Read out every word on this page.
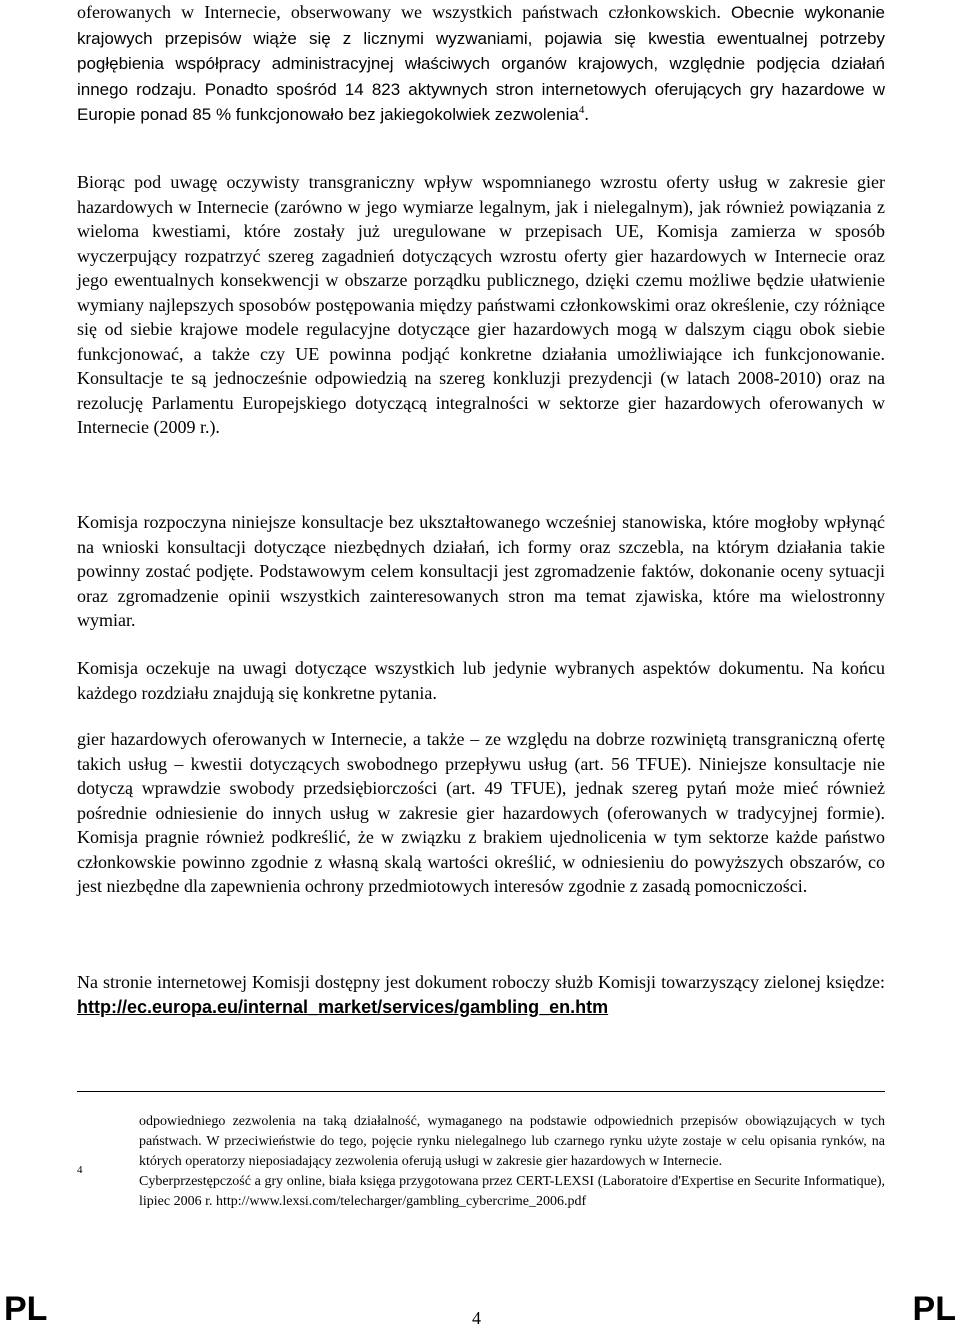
oferowanych w Internecie, obserwowany we wszystkich państwach członkowskich. Obecnie wykonanie krajowych przepisów wiąże się z licznymi wyzwaniami, pojawia się kwestia ewentualnej potrzeby pogłębienia współpracy administracyjnej właściwych organów krajowych, względnie podjęcia działań innego rodzaju. Ponadto spośród 14 823 aktywnych stron internetowych oferujących gry hazardowe w Europie ponad 85 % funkcjonowało bez jakiegokolwiek zezwolenia$^4$.

Biorąc pod uwagę oczywisty transgraniczny wpływ wspomnianego wzrostu oferty usług w zakresie gier hazardowych w Internecie (zarówno w jego wymiarze legalnym, jak i nielegalnym), jak również powiązania z wieloma kwestiami, które zostały już uregulowane w przepisach UE, Komisja zamierza w sposób wyczerpujący rozpatrzyć szereg zagadnień dotyczących wzrostu oferty gier hazardowych w Internecie oraz jego ewentualnych konsekwencji w obszarze porządku publicznego, dzięki czemu możliwe będzie ułatwienie wymiany najlepszych sposobów postępowania między państwami członkowskimi oraz określenie, czy różniące się od siebie krajowe modele regulacyjne dotyczące gier hazardowych mogą w dalszym ciągu obok siebie funkcjonować, a także czy UE powinna podjąć konkretne działania umożliwiające ich funkcjonowanie. Konsultacje te są jednocześnie odpowiedzią na szereg konkluzji prezydencji (w latach 2008-2010) oraz na rezolucję Parlamentu Europejskiego dotyczącą integralności w sektorze gier hazardowych oferowanych w Internecie (2009 r.).

Komisja rozpoczyna niniejsze konsultacje bez ukształtowanego wcześniej stanowiska, które mogłoby wpłynąć na wnioski konsultacji dotyczące niezbędnych działań, ich formy oraz szczebla, na którym działania takie powinny zostać podjęte. Podstawowym celem konsultacji jest zgromadzenie faktów, dokonanie oceny sytuacji oraz zgromadzenie opinii wszystkich zainteresowanych stron ma temat zjawiska, które ma wielostronny wymiar.

Komisja oczekuje na uwagi dotyczące wszystkich lub jedynie wybranych aspektów dokumentu. Na końcu każdego rozdziału znajdują się konkretne pytania.

gier hazardowych oferowanych w Internecie, a także – ze względu na dobrze rozwiniętą transgraniczną ofertę takich usług – kwestii dotyczących swobodnego przepływu usług (art. 56 TFUE). Niniejsze konsultacje nie dotyczą wprawdzie swobody przedsiębiorczości (art. 49 TFUE), jednak szereg pytań może mieć również pośrednie odniesienie do innych usług w zakresie gier hazardowych (oferowanych w tradycyjnej formie). Komisja pragnie również podkreślić, że w związku z brakiem ujednolicenia w tym sektorze każde państwo członkowskie powinno zgodnie z własną skalą wartości określić, w odniesieniu do powyższych obszarów, co jest niezbędne dla zapewnienia ochrony przedmiotowych interesów zgodnie z zasadą pomocniczości.

Na stronie internetowej Komisji dostępny jest dokument roboczy służb Komisji towarzyszący zielonej księdze: http://ec.europa.eu/internal_market/services/gambling_en.htm

4

odpowiedniego zezwolenia na taką działalność, wymaganego na podstawie odpowiednich przepisów obowiązujących w tych państwach. W przeciwieństwie do tego, pojęcie rynku nielegalnego lub czarnego rynku użyte zostaje w celu opisania rynków, na których operatorzy nieposiadający zezwolenia oferują usługi w zakresie gier hazardowych w Internecie.

Cyberprzestępczość a gry online, biała księga przygotowana przez CERT-LEXSI (Laboratoire d'Expertise en Securite Informatique), lipiec 2006 r. http://www.lexsi.com/telecharger/gambling_cybercrime_2006.pdf

PL	4	PL
